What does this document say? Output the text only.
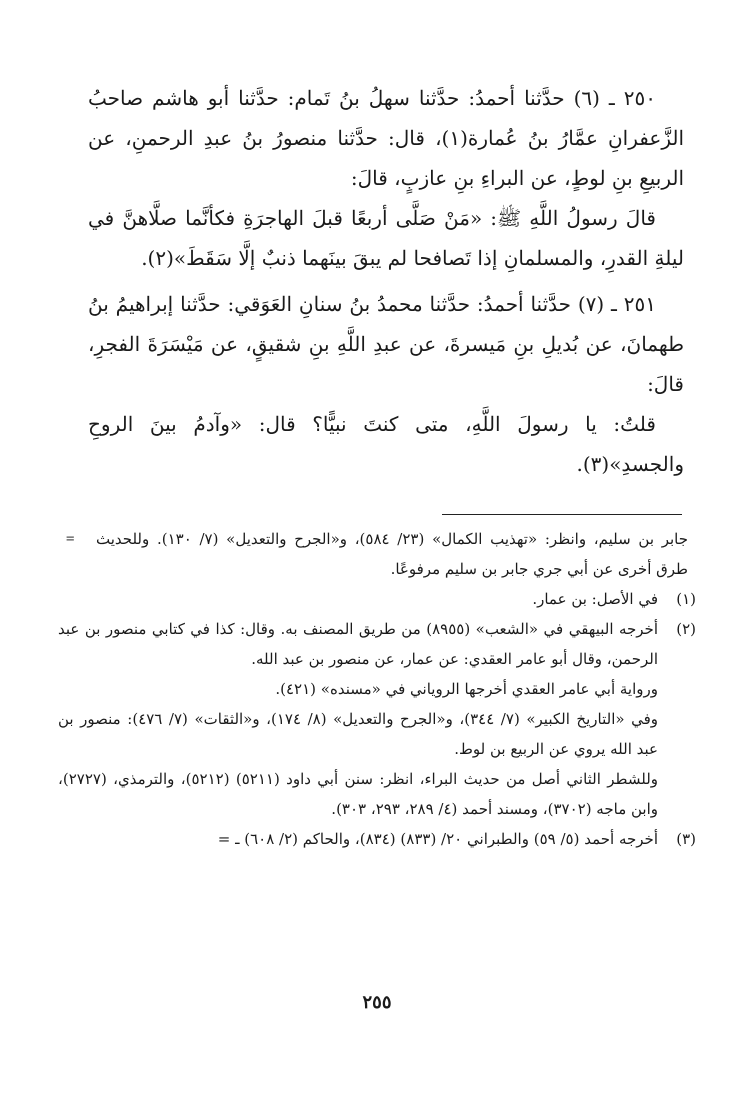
٢٥٠ ـ (٦) حدَّثنا أحمدُ: حدَّثنا سهلُ بنُ تَمام: حدَّثنا أبو هاشم صاحبُ الزَّعفرانِ عمَّارُ بنُ عُمارة(١)، قال: حدَّثنا منصورُ بنُ عبدِ الرحمنِ، عن الربيعِ بنِ لوطٍ، عن البراءِ بنِ عازبٍ، قالَ:

قالَ رسولُ اللَّهِ ﷺ: «مَنْ صَلَّى أربعًا قبلَ الهاجرَةِ فكأنَّما صلَّاهنَّ في ليلةِ القدرِ، والمسلمانِ إذا تَصافحا لم يبقَ بينَهما ذنبٌ إلَّا سَقَطَ»(٢).

٢٥١ ـ (٧) حدَّثنا أحمدُ: حدَّثنا محمدُ بنُ سنانِ العَوَقي: حدَّثنا إبراهيمُ بنُ طهمانَ، عن بُديلِ بنِ مَيسرةَ، عن عبدِ اللَّهِ بنِ شقيقٍ، عن مَيْسَرَةَ الفجرِ، قالَ:

قلتُ: يا رسولَ اللَّهِ، متى كنتَ نبيًّا؟ قال: «وآدمُ بينَ الروحِ والجسدِ»(٣).

جابر بن سليم، وانظر: «تهذيب الكمال» (٢٣/ ٥٨٤)، و«الجرح والتعديل» (٧/ ١٣٠). وللحديث طرق أخرى عن أبي جري جابر بن سليم مرفوعًا.
=
(١)
في الأصل: بن عمار.
(٢)
أخرجه البيهقي في «الشعب» (٨٩٥٥) من طريق المصنف به. وقال: كذا في كتابي منصور بن عبد الرحمن، وقال أبو عامر العقدي: عن عمار، عن منصور بن عبد الله.
ورواية أبي عامر العقدي أخرجها الروياني في «مسنده» (٤٢١).
وفي «التاريخ الكبير» (٧/ ٣٤٤)، و«الجرح والتعديل» (٨/ ١٧٤)، و«الثقات» (٧/ ٤٧٦): منصور بن عبد الله يروي عن الربيع بن لوط.
وللشطر الثاني أصل من حديث البراء، انظر: سنن أبي داود (٥٢١١) (٥٢١٢)، والترمذي، (٢٧٢٧)، وابن ماجه (٣٧٠٢)، ومسند أحمد (٤/ ٢٨٩، ٢٩٣، ٣٠٣).
(٣)
أخرجه أحمد (٥/ ٥٩) والطبراني ٢٠/ (٨٣٣) (٨٣٤)، والحاكم (٢/ ٦٠٨) ـ =
٢٥٥
